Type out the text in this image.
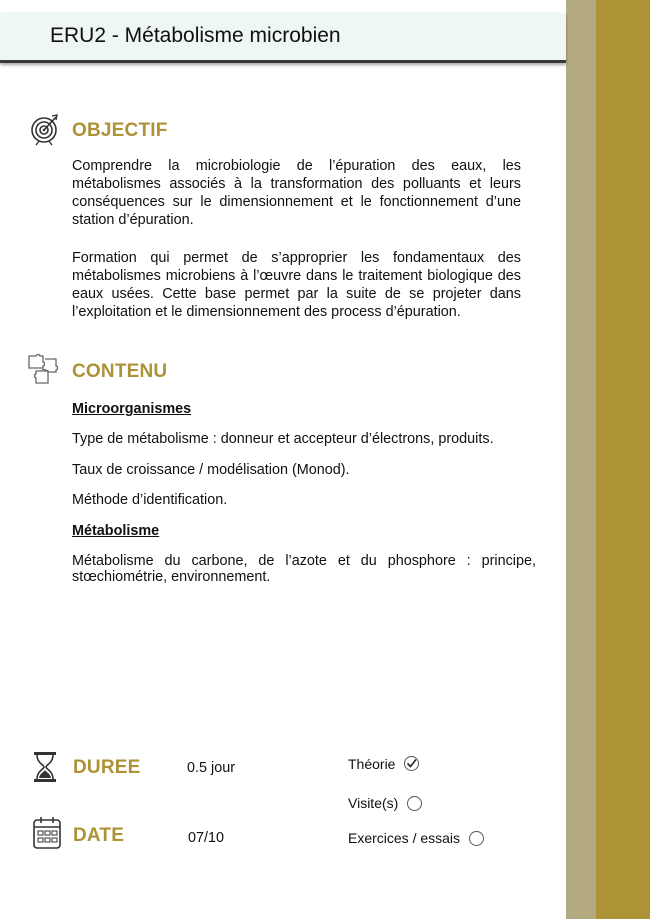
ERU2 - Métabolisme microbien
OBJECTIF

Comprendre la microbiologie de l’épuration des eaux, les métabolismes associés à la transformation des polluants et leurs conséquences sur le dimensionnement et le fonctionnement d’une station d’épuration.

Formation qui permet de s’approprier les fondamentaux des métabolismes microbiens à l’œuvre dans le traitement biologique des eaux usées. Cette base permet par la suite de se projeter dans l’exploitation et le dimensionnement des process d’épuration.

CONTENU
Microorganismes

Type de métabolisme : donneur et accepteur d’électrons, produits.

Taux de croissance / modélisation (Monod).

Méthode d’identification.

Métabolisme

Métabolisme du carbone, de l’azote et du phosphore : principe, stœchiométrie, environnement.

DUREE	0.5 jour
DATE	07/10
Théorie
Visite(s)
Exercices / essais
